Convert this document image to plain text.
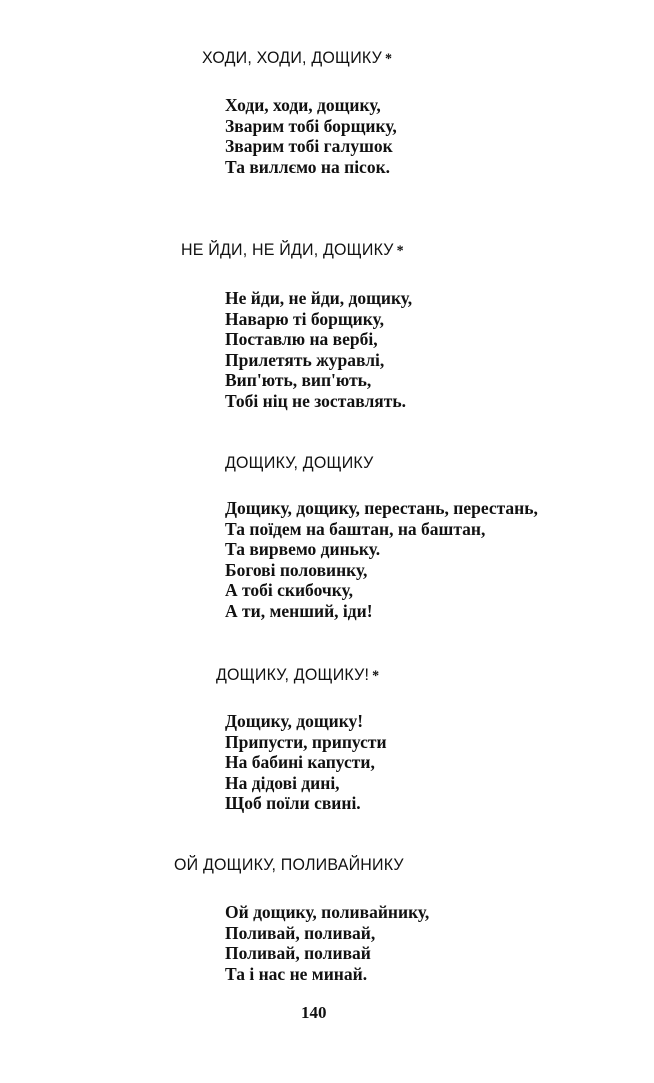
ХОДИ, ХОДИ, ДОЩИКУ *
Ходи, ходи, дощику,
Зварим тобі борщику,
Зварим тобі галушок
Та виллємо на пісок.
НЕ ЙДИ, НЕ ЙДИ, ДОЩИКУ *
Не йди, не йди, дощику,
Наварю ті борщику,
Поставлю на вербі,
Прилетять журавлі,
Вип'ють, вип'ють,
Тобі ніц не зоставлять.
ДОЩИКУ, ДОЩИКУ
Дощику, дощику, перестань, перестань,
Та поїдем на баштан, на баштан,
Та вирвемо диньку.
Богові половинку,
А тобі скибочку,
А ти, менший, іди!
ДОЩИКУ, ДОЩИКУ! *
Дощику, дощику!
Припусти, припусти
На бабині капусти,
На дідові дині,
Щоб поїли свині.
ОЙ ДОЩИКУ, ПОЛИВАЙНИКУ
Ой дощику, поливайнику,
Поливай, поливай,
Поливай, поливай
Та і нас не минай.
140
